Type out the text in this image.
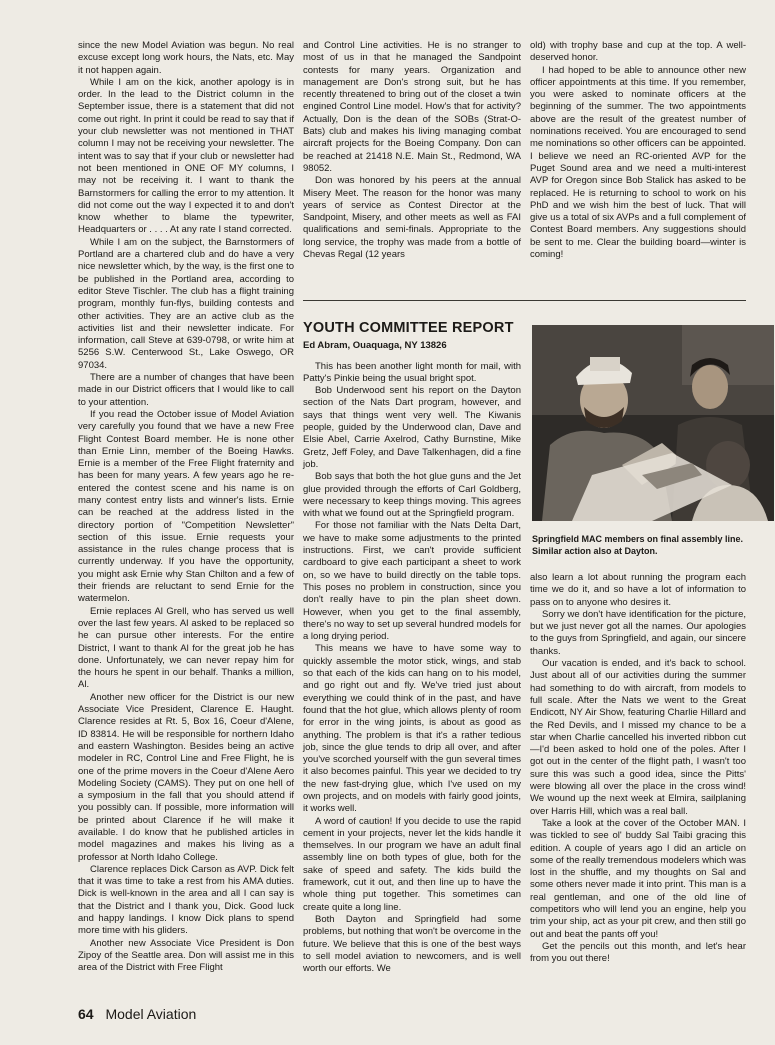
since the new Model Aviation was begun. No real excuse except long work hours, the Nats, etc. May it not happen again.

While I am on the kick, another apology is in order. In the lead to the District column in the September issue, there is a statement that did not come out right. In print it could be read to say that if your club newsletter was not mentioned in THAT column I may not be receiving your newsletter. The intent was to say that if your club or newsletter had not been mentioned in ONE OF MY columns, I may not be receiving it. I want to thank the Barnstormers for calling the error to my attention. It did not come out the way I expected it to and don't know whether to blame the typewriter, Headquarters or . . . . At any rate I stand corrected.

While I am on the subject, the Barnstormers of Portland are a chartered club and do have a very nice newsletter which, by the way, is the first one to be published in the Portland area, according to editor Steve Tischler. The club has a flight training program, monthly fun-flys, building contests and other activities. They are an active club as the activities list and their newsletter indicate. For information, call Steve at 639-0798, or write him at 5256 S.W. Centerwood St., Lake Oswego, OR 97034.

There are a number of changes that have been made in our District officers that I would like to call to your attention.

If you read the October issue of Model Aviation very carefully you found that we have a new Free Flight Contest Board member. He is none other than Ernie Linn, member of the Boeing Hawks. Ernie is a member of the Free Flight fraternity and has been for many years. A few years ago he re-entered the contest scene and his name is on many contest entry lists and winner's lists. Ernie can be reached at the address listed in the directory portion of "Competition Newsletter" section of this issue. Ernie requests your assistance in the rules change process that is currently underway. If you have the opportunity, you might ask Ernie why Stan Chilton and a few of their friends are reluctant to send Ernie for the watermelon.

Ernie replaces Al Grell, who has served us well over the last few years. Al asked to be replaced so he can pursue other interests. For the entire District, I want to thank Al for the great job he has done. Unfortunately, we can never repay him for the hours he spent in our behalf. Thanks a million, Al.

Another new officer for the District is our new Associate Vice President, Clarence E. Haught. Clarence resides at Rt. 5, Box 16, Coeur d'Alene, ID 83814. He will be responsible for northern Idaho and eastern Washington. Besides being an active modeler in RC, Control Line and Free Flight, he is one of the prime movers in the Coeur d'Alene Aero Modeling Society (CAMS). They put on one hell of a symposium in the fall that you should attend if you possibly can. If possible, more information will be printed about Clarence if he will make it available. I do know that he published articles in model magazines and makes his living as a professor at North Idaho College.

Clarence replaces Dick Carson as AVP. Dick felt that it was time to take a rest from his AMA duties. Dick is well-known in the area and all I can say is that the District and I thank you, Dick. Good luck and happy landings. I know Dick plans to spend more time with his gliders.

Another new Associate Vice President is Don Zipoy of the Seattle area. Don will assist me in this area of the District with Free Flight

and Control Line activities. He is no stranger to most of us in that he managed the Sandpoint contests for many years. Organization and management are Don's strong suit, but he has recently threatened to bring out of the closet a twin engined Control Line model. How's that for activity? Actually, Don is the dean of the SOBs (Strat-O-Bats) club and makes his living managing combat aircraft projects for the Boeing Company. Don can be reached at 21418 N.E. Main St., Redmond, WA 98052.

Don was honored by his peers at the annual Misery Meet. The reason for the honor was many years of service as Contest Director at the Sandpoint, Misery, and other meets as well as FAI qualifications and semi-finals. Appropriate to the long service, the trophy was made from a bottle of Chevas Regal (12 years

old) with trophy base and cup at the top. A well-deserved honor.

I had hoped to be able to announce other new officer appointments at this time. If you remember, you were asked to nominate officers at the beginning of the summer. The two appointments above are the result of the greatest number of nominations received. You are encouraged to send me nominations so other officers can be appointed. I believe we need an RC-oriented AVP for the Puget Sound area and we need a multi-interest AVP for Oregon since Bob Stalick has asked to be replaced. He is returning to school to work on his PhD and we wish him the best of luck. That will give us a total of six AVPs and a full complement of Contest Board members. Any suggestions should be sent to me. Clear the building board—winter is coming!

YOUTH COMMITTEE REPORT
Ed Abram, Ouaquaga, NY 13826

This has been another light month for mail, with Patty's Pinkie being the usual bright spot.

Bob Underwood sent his report on the Dayton section of the Nats Dart program, however, and says that things went very well. The Kiwanis people, guided by the Underwood clan, Dave and Elsie Abel, Carrie Axelrod, Cathy Burnstine, Mike Gretz, Jeff Foley, and Dave Talkenhagen, did a fine job.

Bob says that both the hot glue guns and the Jet glue provided through the efforts of Carl Goldberg, were necessary to keep things moving. This agrees with what we found out at the Springfield program.

For those not familiar with the Nats Delta Dart, we have to make some adjustments to the printed instructions. First, we can't provide sufficient cardboard to give each participant a sheet to work on, so we have to build directly on the table tops. This poses no problem in construction, since you don't really have to pin the plan sheet down. However, when you get to the final assembly, there's no way to set up several hundred models for a long drying period.

This means we have to have some way to quickly assemble the motor stick, wings, and stab so that each of the kids can hang on to his model, and go right out and fly. We've tried just about everything we could think of in the past, and have found that the hot glue, which allows plenty of room for error in the wing joints, is about as good as anything. The problem is that it's a rather tedious job, since the glue tends to drip all over, and after you've scorched yourself with the gun several times it also becomes painful. This year we decided to try the new fast-drying glue, which I've used on my own projects, and on models with fairly good joints, it works well.

A word of caution! If you decide to use the rapid cement in your projects, never let the kids handle it themselves. In our program we have an adult final assembly line on both types of glue, both for the sake of speed and safety. The kids build the framework, cut it out, and then line up to have the whole thing put together. This sometimes can create quite a long line.

Both Dayton and Springfield had some problems, but nothing that won't be overcome in the future. We believe that this is one of the best ways to sell model aviation to newcomers, and is well worth our efforts. We

Springfield MAC members on final assembly line. Similar action also at Dayton.

also learn a lot about running the program each time we do it, and so have a lot of information to pass on to anyone who desires it.

Sorry we don't have identification for the picture, but we just never got all the names. Our apologies to the guys from Springfield, and again, our sincere thanks.

Our vacation is ended, and it's back to school. Just about all of our activities during the summer had something to do with aircraft, from models to full scale. After the Nats we went to the Great Endicott, NY Air Show, featuring Charlie Hillard and the Red Devils, and I missed my chance to be a star when Charlie cancelled his inverted ribbon cut—I'd been asked to hold one of the poles. After I got out in the center of the flight path, I wasn't too sure this was such a good idea, since the Pitts' were blowing all over the place in the cross wind! We wound up the next week at Elmira, sailplaning over Harris Hill, which was a real ball.

Take a look at the cover of the October MAN. I was tickled to see ol' buddy Sal Taibi gracing this edition. A couple of years ago I did an article on some of the really tremendous modelers which was lost in the shuffle, and my thoughts on Sal and some others never made it into print. This man is a real gentleman, and one of the old line of competitors who will lend you an engine, help you trim your ship, act as your pit crew, and then still go out and beat the pants off you!

Get the pencils out this month, and let's hear from you out there!

64 Model Aviation
